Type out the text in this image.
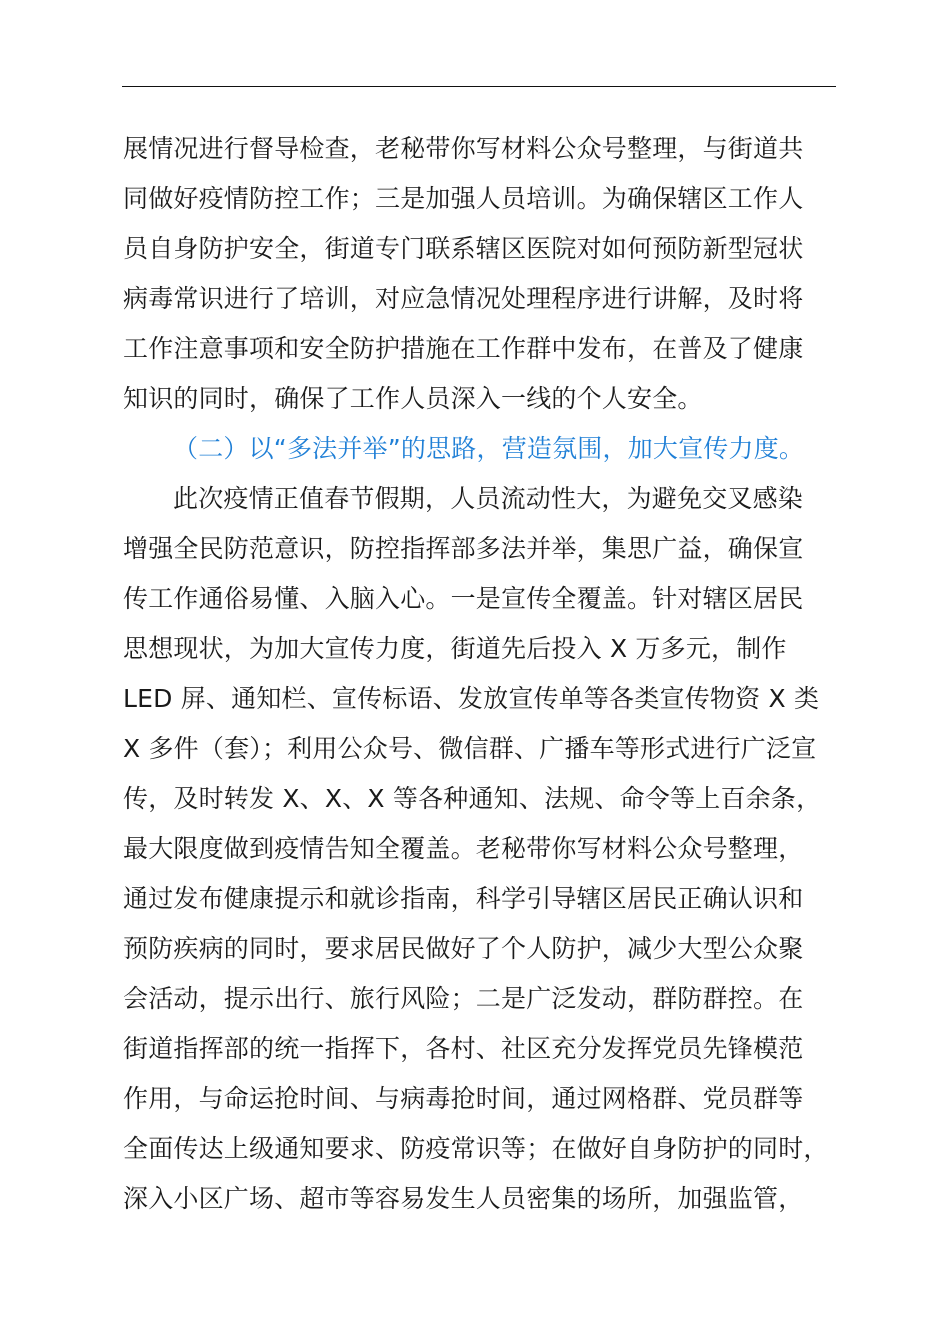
展情况进行督导检查，老秘带你写材料公众号整理，与街道共
同做好疫情防控工作；三是加强人员培训。为确保辖区工作人
员自身防护安全，街道专门联系辖区医院对如何预防新型冠状
病毒常识进行了培训，对应急情况处理程序进行讲解，及时将
工作注意事项和安全防护措施在工作群中发布，在普及了健康
知识的同时，确保了工作人员深入一线的个人安全。
（二）以“多法并举”的思路，营造氛围，加大宣传力度。
此次疫情正值春节假期，人员流动性大，为避免交叉感染
增强全民防范意识，防控指挥部多法并举，集思广益，确保宣
传工作通俗易懂、入脑入心。一是宣传全覆盖。针对辖区居民
思想现状，为加大宣传力度，街道先后投入 X 万多元，制作
LED 屏、通知栏、宣传标语、发放宣传单等各类宣传物资 X 类
X 多件（套）；利用公众号、微信群、广播车等形式进行广泛宣
传，及时转发 X、X、X 等各种通知、法规、命令等上百余条，
最大限度做到疫情告知全覆盖。老秘带你写材料公众号整理，
通过发布健康提示和就诊指南，科学引导辖区居民正确认识和
预防疾病的同时，要求居民做好了个人防护，减少大型公众聚
会活动，提示出行、旅行风险；二是广泛发动，群防群控。在
街道指挥部的统一指挥下，各村、社区充分发挥党员先锋模范
作用，与命运抢时间、与病毒抢时间，通过网格群、党员群等
全面传达上级通知要求、防疫常识等；在做好自身防护的同时，
深入小区广场、超市等容易发生人员密集的场所，加强监管，
